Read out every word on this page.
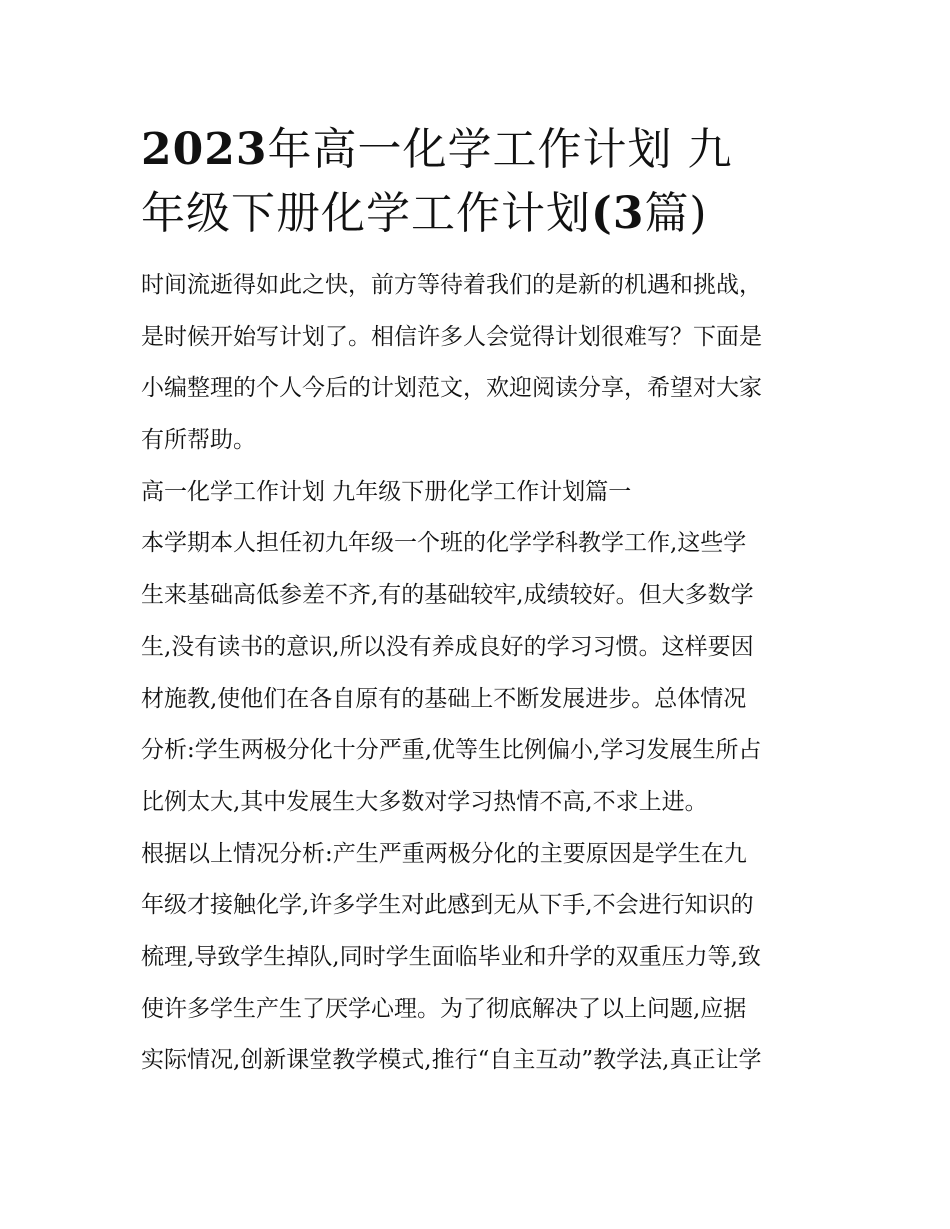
2023年高一化学工作计划 九
年级下册化学工作计划(3篇)
时间流逝得如此之快，前方等待着我们的是新的机遇和挑战，
是时候开始写计划了。相信许多人会觉得计划很难写？下面是
小编整理的个人今后的计划范文，欢迎阅读分享，希望对大家
有所帮助。
高一化学工作计划 九年级下册化学工作计划篇一
本学期本人担任初九年级一个班的化学学科教学工作,这些学
生来基础高低参差不齐,有的基础较牢,成绩较好。但大多数学
生,没有读书的意识,所以没有养成良好的学习习惯。这样要因
材施教,使他们在各自原有的基础上不断发展进步。总体情况
分析:学生两极分化十分严重,优等生比例偏小,学习发展生所占
比例太大,其中发展生大多数对学习热情不高,不求上进。
根据以上情况分析:产生严重两极分化的主要原因是学生在九
年级才接触化学,许多学生对此感到无从下手,不会进行知识的
梳理,导致学生掉队,同时学生面临毕业和升学的双重压力等,致
使许多学生产生了厌学心理。为了彻底解决了以上问题,应据
实际情况,创新课堂教学模式,推行“自主互动”教学法,真正让学
